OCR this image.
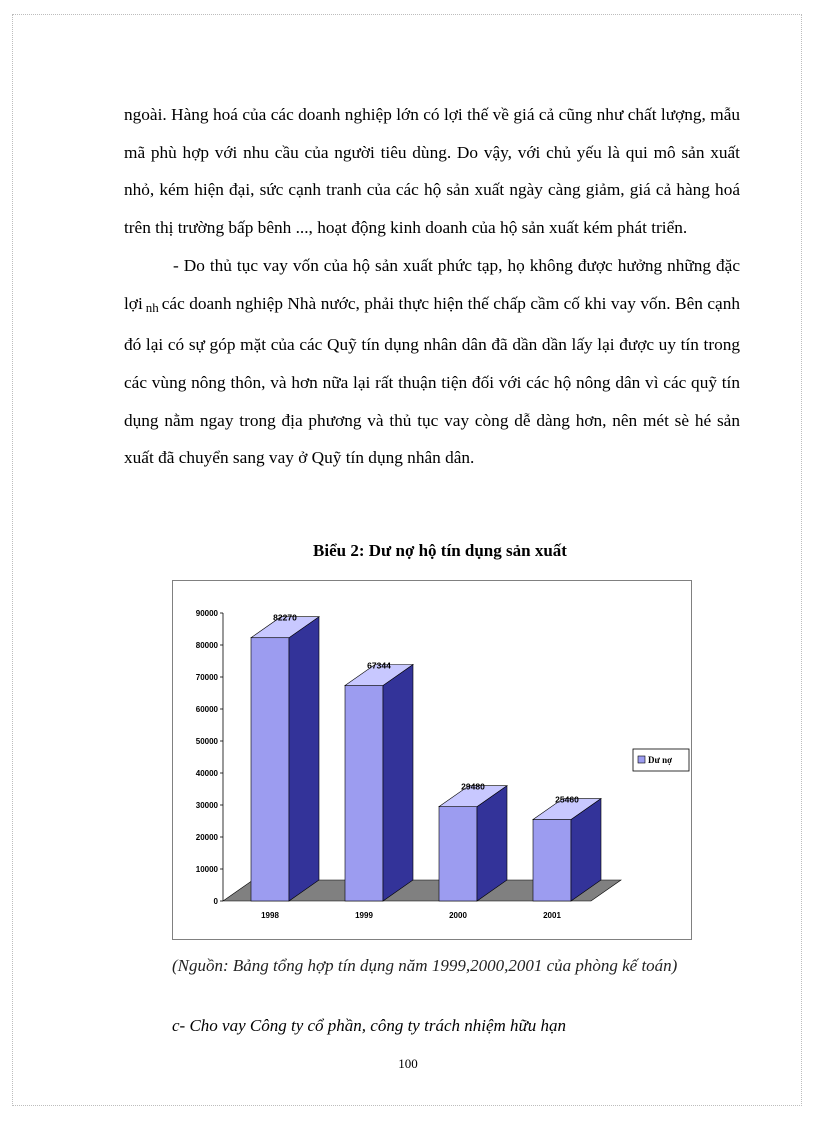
ngoài. Hàng hoá của các doanh nghiệp lớn có lợi thế về giá cả cũng như chất lượng, mẫu mã phù hợp với nhu cầu của người tiêu dùng. Do vậy, với chủ yếu là qui mô sản xuất nhỏ, kém hiện đại, sức cạnh tranh của các hộ sản xuất ngày càng giảm, giá cả hàng hoá trên thị trường bấp bênh ..., hoạt động kinh doanh của hộ sản xuất kém phát triển.

- Do thủ tục vay vốn của hộ sản xuất phức tạp, họ không được hưởng những đặc lợi $_{nh}$ các doanh nghiệp Nhà nước, phải thực hiện thế chấp cầm cố khi vay vốn. Bên cạnh đó lại có sự góp mặt của các Quỹ tín dụng nhân dân đã dần dần lấy lại được uy tín trong các vùng nông thôn, và hơn nữa lại rất thuận tiện đối với các hộ nông dân vì các quỹ tín dụng nằm ngay trong địa phương và thủ tục vay còng dễ dàng hơn, nên mét sè hé sản xuất đã chuyển sang vay ở Quỹ tín dụng nhân dân.

Biểu 2: Dư nợ hộ tín dụng sản xuất
0
10000
20000
30000
40000
50000
60000
70000
80000
90000	82270
1998
67344
1999
29480
2000
25460
2001
Dư nợ

(Nguồn: Bảng tổng hợp tín dụng năm 1999,2000,2001 của phòng kế toán)

c- Cho vay Công ty cổ phần, công ty trách nhiệm hữu hạn

100
